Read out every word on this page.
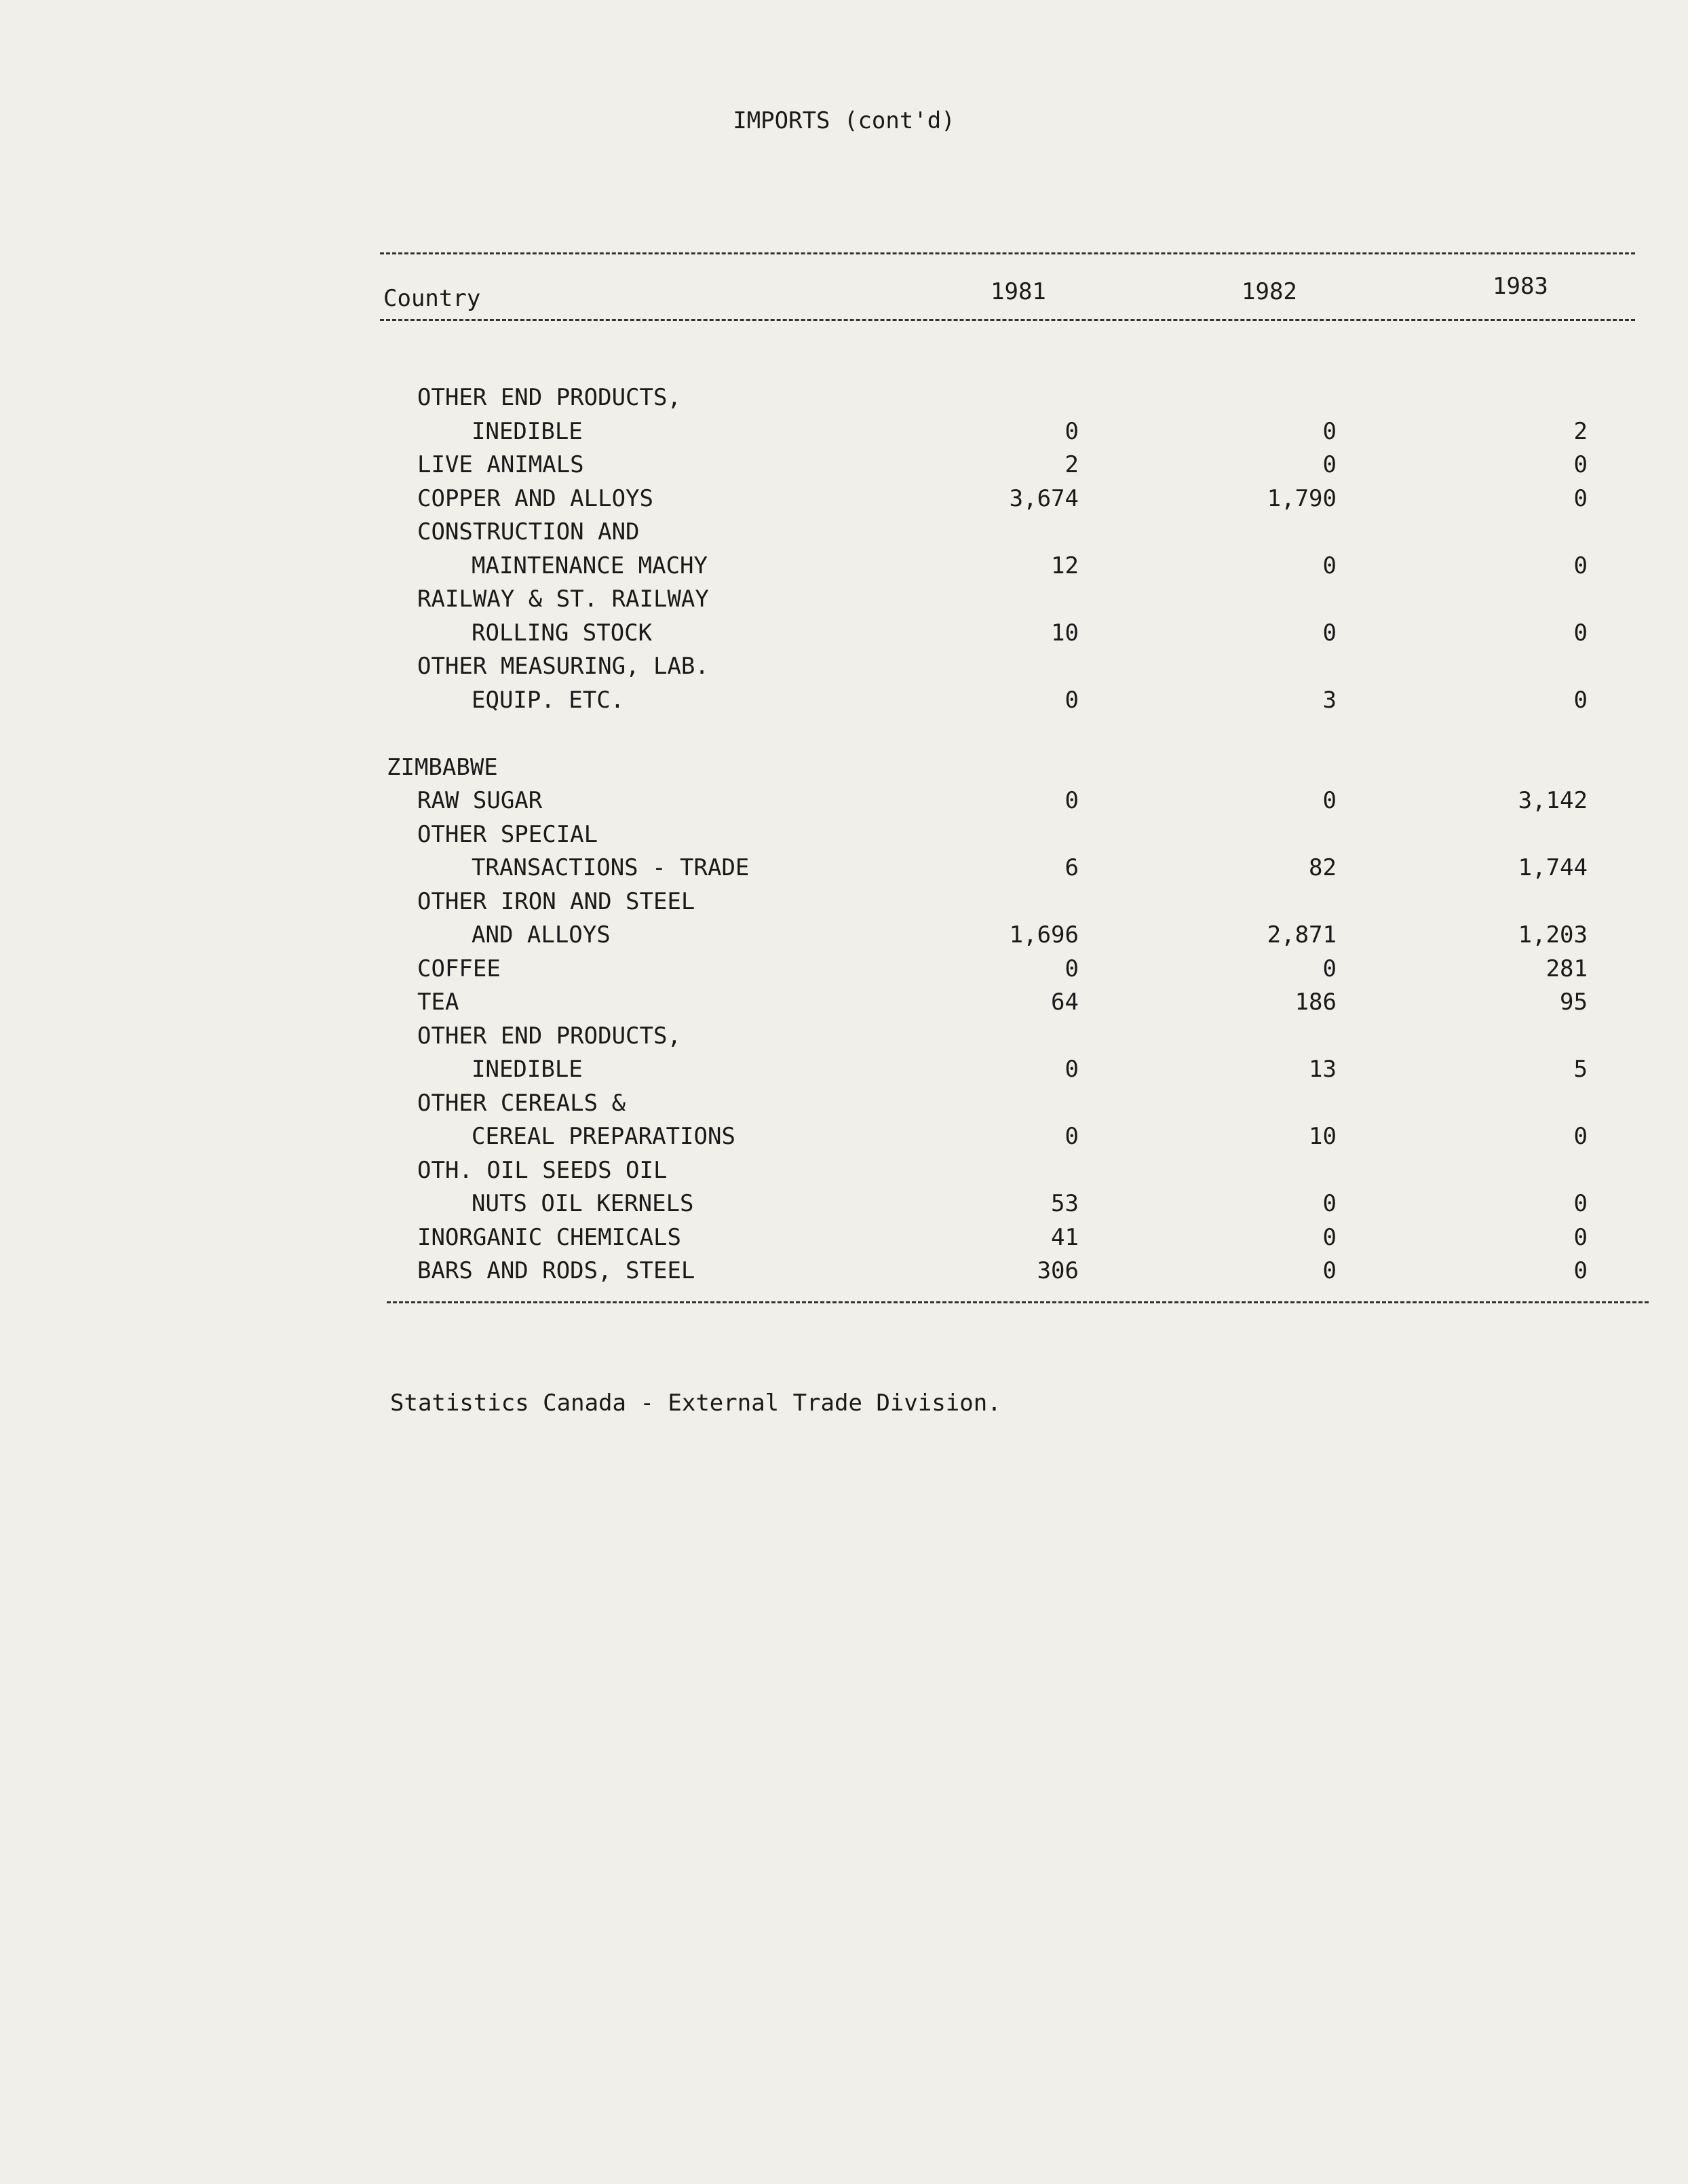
IMPORTS (cont'd)
Country	1981	1982	1983
OTHER END PRODUCTS,
INEDIBLE	0	0	2
LIVE ANIMALS	2	0	0
COPPER AND ALLOYS	3,674	1,790	0
CONSTRUCTION AND
MAINTENANCE MACHY	12	0	0
RAILWAY & ST. RAILWAY
ROLLING STOCK	10	0	0
OTHER MEASURING, LAB.
EQUIP. ETC.	0	3	0
ZIMBABWE
RAW SUGAR	0	0	3,142
OTHER SPECIAL
TRANSACTIONS - TRADE	6	82	1,744
OTHER IRON AND STEEL
AND ALLOYS	1,696	2,871	1,203
COFFEE	0	0	281
TEA	64	186	95
OTHER END PRODUCTS,
INEDIBLE	0	13	5
OTHER CEREALS &
CEREAL PREPARATIONS	0	10	0
OTH. OIL SEEDS OIL
NUTS OIL KERNELS	53	0	0
INORGANIC CHEMICALS	41	0	0
BARS AND RODS, STEEL	306	0	0
Statistics Canada - External Trade Division.
